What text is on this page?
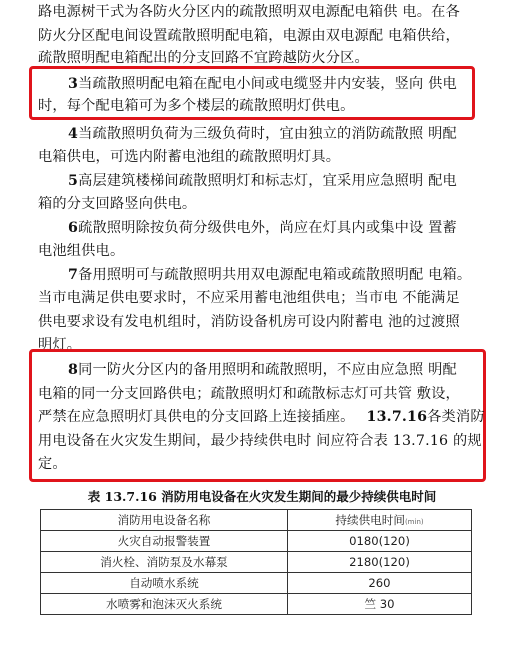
路电源树干式为各防火分区内的疏散照明双电源配电箱供 电。在各
防火分区配电间设置疏散照明配电箱，电源由双电源配 电箱供给，
疏散照明配电箱配出的分支回路不宜跨越防火分区。
3当疏散照明配电箱在配电小间或电缆竖井内安装，竖向 供电
时，每个配电箱可为多个楼层的疏散照明灯供电。
4当疏散照明负荷为三级负荷时，宜由独立的消防疏散照 明配
电箱供电，可选内附蓄电池组的疏散照明灯具。
5高层建筑楼梯间疏散照明灯和标志灯，宜采用应急照明 配电
箱的分支回路竖向供电。
6疏散照明除按负荷分级供电外，尚应在灯具内或集中设 置蓄
电池组供电。
7备用照明可与疏散照明共用双电源配电箱或疏散照明配 电箱。
当市电满足供电要求时，不应采用蓄电池组供电；当市电 不能满足
供电要求设有发电机组时，消防设备机房可设内附蓄电 池的过渡照
明灯。
8同一防火分区内的备用照明和疏散照明，不应由应急照 明配
电箱的同一分支回路供电；疏散照明灯和疏散标志灯可共管 敷设，
严禁在应急照明灯具供电的分支回路上连接插座。 13.7.16各类消防
用电设备在火灾发生期间，最少持续供电时 间应符合表 13.7.16 的规
定。
表 13.7.16 消防用电设备在火灾发生期间的最少持续供电时间
消防用电设备名称	持续供电时间(min)
火灾自动报警装置	0180(120)
消火栓、消防泵及水幕泵	2180(120)
自动喷水系统	260
水喷雾和泡沫灭火系统	竺 30
